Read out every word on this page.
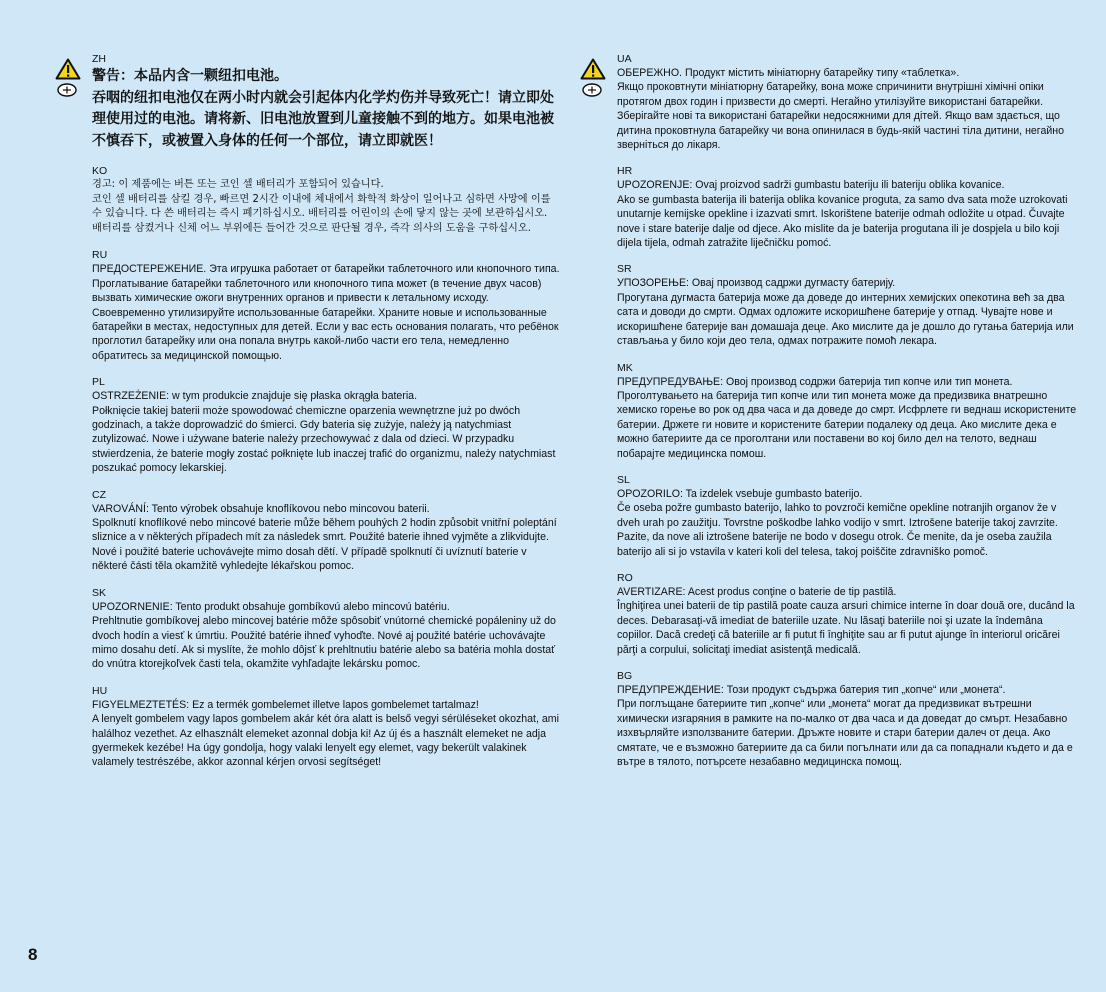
ZH

警告：本品内含一颗纽扣电池。

吞咽的纽扣电池仅在两小时内就会引起体内化学灼伤并导致死亡！请立即处理使用过的电池。请将新、旧电池放置到儿童接触不到的地方。如果电池被不慎吞下，或被置入身体的任何一个部位，请立即就医！

KO

경고: 이 제품에는 버튼 또는 코인 셀 배터리가 포함되어 있습니다.

코인 셀 배터리를 삼킬 경우, 빠르면 2시간 이내에 체내에서 화학적 화상이 일어나고 심하면 사망에 이를 수 있습니다. 다 쓴 배터리는 즉시 폐기하십시오. 배터리를 어린이의 손에 닿지 않는 곳에 보관하십시오. 배터리를 삼켰거나 신체 어느 부위에든 들어간 것으로 판단될 경우, 즉각 의사의 도움을 구하십시오.

RU

ПРЕДОСТЕРЕЖЕНИЕ. Эта игрушка работает от батарейки таблеточного или кнопочного типа.

Проглатывание батарейки таблеточного или кнопочного типа может (в течение двух часов) вызвать химические ожоги внутренних органов и привести к летальному исходу. Своевременно утилизируйте использованные батарейки. Храните новые и использованные батарейки в местах, недоступных для детей. Если у вас есть основания полагать, что ребёнок проглотил батарейку или она попала внутрь какой-либо части его тела, немедленно обратитесь за медицинской помощью.

PL

OSTRZEŻENIE: w tym produkcie znajduje się płaska okrągła bateria.

Połknięcie takiej baterii może spowodować chemiczne oparzenia wewnętrzne już po dwóch godzinach, a także doprowadzić do śmierci. Gdy bateria się zużyje, należy ją natychmiast zutylizować. Nowe i używane baterie należy przechowywać z dala od dzieci. W przypadku stwierdzenia, że baterie mogły zostać połknięte lub inaczej trafić do organizmu, należy natychmiast poszukać pomocy lekarskiej.

CZ

VAROVÁNÍ: Tento výrobek obsahuje knoflíkovou nebo mincovou baterii.

Spolknutí knoflíkové nebo mincové baterie může během pouhých 2 hodin způsobit vnitřní poleptání sliznice a v některých případech mít za následek smrt. Použité baterie ihned vyjměte a zlikvidujte. Nové i použité baterie uchovávejte mimo dosah dětí. V případě spolknutí či uvíznutí baterie v některé části těla okamžitě vyhledejte lékařskou pomoc.

SK

UPOZORNENIE: Tento produkt obsahuje gombíkovú alebo mincovú batériu.

Prehltnutie gombíkovej alebo mincovej batérie môže spôsobiť vnútorné chemické popáleniny už do dvoch hodín a viesť k úmrtiu. Použité batérie ihneď vyhoďte. Nové aj použité batérie uchovávajte mimo dosahu detí. Ak si myslíte, že mohlo dôjsť k prehltnutiu batérie alebo sa batéria mohla dostať do vnútra ktorejkoľvek časti tela, okamžite vyhľadajte lekársku pomoc.

HU

FIGYELMEZTETÉS: Ez a termék gombelemet illetve lapos gombelemet tartalmaz!

A lenyelt gombelem vagy lapos gombelem akár két óra alatt is belső vegyi sérüléseket okozhat, ami halálhoz vezethet. Az elhasznált elemeket azonnal dobja ki! Az új és a használt elemeket ne adja gyermekek kezébe! Ha úgy gondolja, hogy valaki lenyelt egy elemet, vagy bekerült valakinek valamely testrészébe, akkor azonnal kérjen orvosi segítséget!

UA

ОБЕРЕЖНО. Продукт містить мініатюрну батарейку типу «таблетка».

Якщо проковтнути мініатюрну батарейку, вона може спричинити внутрішні хімічні опіки протягом двох годин і призвести до смерті. Негайно утилізуйте використані батарейки. Зберігайте нові та використані батарейки недосяжними для дітей. Якщо вам здається, що дитина проковтнула батарейку чи вона опинилася в будь-якій частині тіла дитини, негайно зверніться до лікаря.

HR

UPOZORENJE: Ovaj proizvod sadrži gumbastu bateriju ili bateriju oblika kovanice.

Ako se gumbasta baterija ili baterija oblika kovanice proguta, za samo dva sata može uzrokovati unutarnje kemijske opekline i izazvati smrt. Iskorištene baterije odmah odložite u otpad. Čuvajte nove i stare baterije dalje od djece. Ako mislite da je baterija progutana ili je dospjela u bilo koji dijela tijela, odmah zatražite liječničku pomoć.

SR

УПОЗОРЕЊЕ: Овај производ садржи дугмасту батерију.

Прогутана дугмаста батерија може да доведе до интерних хемијских опекотина већ за два сата и доводи до смрти. Одмах одложите искоришћене батерије у отпад. Чувајте нове и искоришћене батерије ван домашаја деце. Ако мислите да је дошло до гутања батерија или стављања у било који део тела, одмах потражите помоћ лекара.

MK

ПРЕДУПРЕДУВАЊЕ: Овој производ содржи батерија тип копче или тип монета.

Проголтувањето на батерија тип копче или тип монета може да предизвика внатрешно хемиско горење во рок од два часа и да доведе до смрт. Исфрлете ги веднаш искористените батерии. Држете ги новите и користените батерии подалеку од деца. Ако мислите дека е можно батериите да се проголтани или поставени во кој било дел на телото, веднаш побарајте медицинска помош.

SL

OPOZORILO: Ta izdelek vsebuje gumbasto baterijo.

Če oseba požre gumbasto baterijo, lahko to povzroči kemične opekline notranjih organov že v dveh urah po zaužitju. Tovrstne poškodbe lahko vodijo v smrt. Iztrošene baterije takoj zavrzite. Pazite, da nove ali iztrošene baterije ne bodo v dosegu otrok. Če menite, da je oseba zaužila baterijo ali si jo vstavila v kateri koli del telesa, takoj poiščite zdravniško pomoč.

RO

AVERTIZARE: Acest produs conţine o baterie de tip pastilă.

Înghiţirea unei baterii de tip pastilă poate cauza arsuri chimice interne în doar două ore, ducând la deces. Debarasaţi-vă imediat de bateriile uzate. Nu lăsaţi bateriile noi şi uzate la îndemâna copiilor. Dacă credeţi că bateriile ar fi putut fi înghiţite sau ar fi putut ajunge în interiorul oricărei părţi a corpului, solicitaţi imediat asistenţă medicală.

BG

ПРЕДУПРЕЖДЕНИЕ: Този продукт съдържа батерия тип „копче“ или „монета“.

При поглъщане батериите тип „копче“ или „монета“ могат да предизвикат вътрешни химически изгаряния в рамките на по-малко от два часа и да доведат до смърт. Незабавно изхвърляйте използваните батерии. Дръжте новите и стари батерии далеч от деца. Ако смятате, че е възможно батериите да са били погълнати или да са попаднали където и да е вътре в тялото, потърсете незабавно медицинска помощ.

8
